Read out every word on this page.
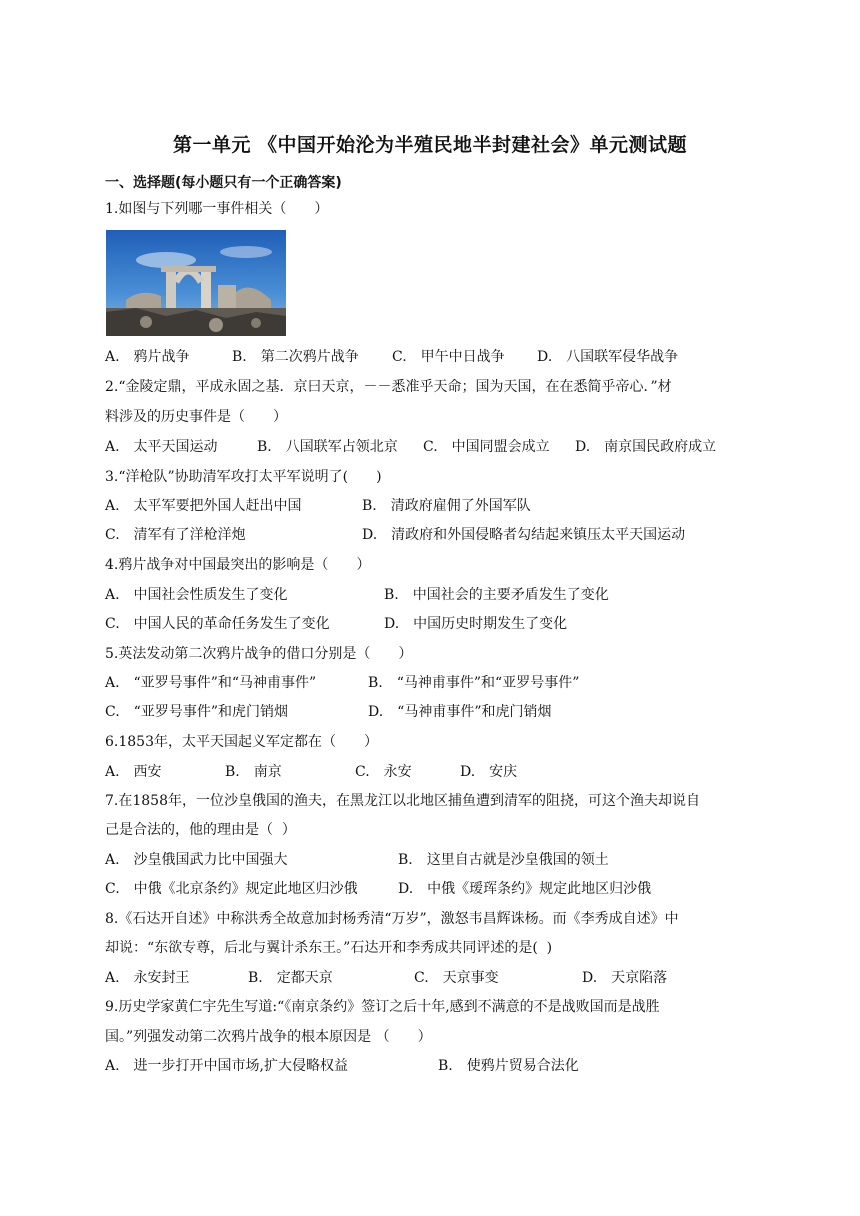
第一单元 《中国开始沦为半殖民地半封建社会》单元测试题
一、选择题(每小题只有一个正确答案)
1.如图与下列哪一事件相关（　　）
A.　鸦片战争	B.　第二次鸦片战争 C.　甲午中日战争 D.　八国联军侵华战争
2.“金陵定鼎，平成永固之基．京曰天京，－－悉准乎天命；国为天国，在在悉简乎帝心．”材
料涉及的历史事件是（　　）
A.　太平天国运动	B.　八国联军占领北京 C.　中国同盟会成立 D.　南京国民政府成立
3.“洋枪队”协助清军攻打太平军说明了(　　)
A.　太平军要把外国人赶出中国	B.　清政府雇佣了外国军队
C.　清军有了洋枪洋炮	D.　清政府和外国侵略者勾结起来镇压太平天国运动
4.鸦片战争对中国最突出的影响是（　　）
A.　中国社会性质发生了变化	B.　中国社会的主要矛盾发生了变化
C.　中国人民的革命任务发生了变化	D.　中国历史时期发生了变化
5.英法发动第二次鸦片战争的借口分别是（　　）
A.　“亚罗号事件”和“马神甫事件”	B.　“马神甫事件”和“亚罗号事件”
C.　“亚罗号事件”和虎门销烟	D.　“马神甫事件”和虎门销烟
6.1853年，太平天国起义军定都在（　　）
A.　西安	B.　南京	C.　永安	D.　安庆
7.在1858年，一位沙皇俄国的渔夫，在黑龙江以北地区捕鱼遭到清军的阻挠，可这个渔夫却说自
己是合法的，他的理由是（  ）
A.　沙皇俄国武力比中国强大	B.　这里自古就是沙皇俄国的领土
C.　中俄《北京条约》规定此地区归沙俄	D.　中俄《瑷珲条约》规定此地区归沙俄
8.《石达开自述》中称洪秀全故意加封杨秀清“万岁”，激怒韦昌辉诛杨。而《李秀成自述》中
却说：“东欲专尊，后北与翼计杀东王。”石达开和李秀成共同评述的是(  )
A.　永安封王	B.　定都天京	C.　天京事变	D.　天京陷落
9.历史学家黄仁宇先生写道:“《南京条约》签订之后十年,感到不满意的不是战败国而是战胜
国。”列强发动第二次鸦片战争的根本原因是 （　　）
A.　进一步打开中国市场,扩大侵略权益	B.　使鸦片贸易合法化
